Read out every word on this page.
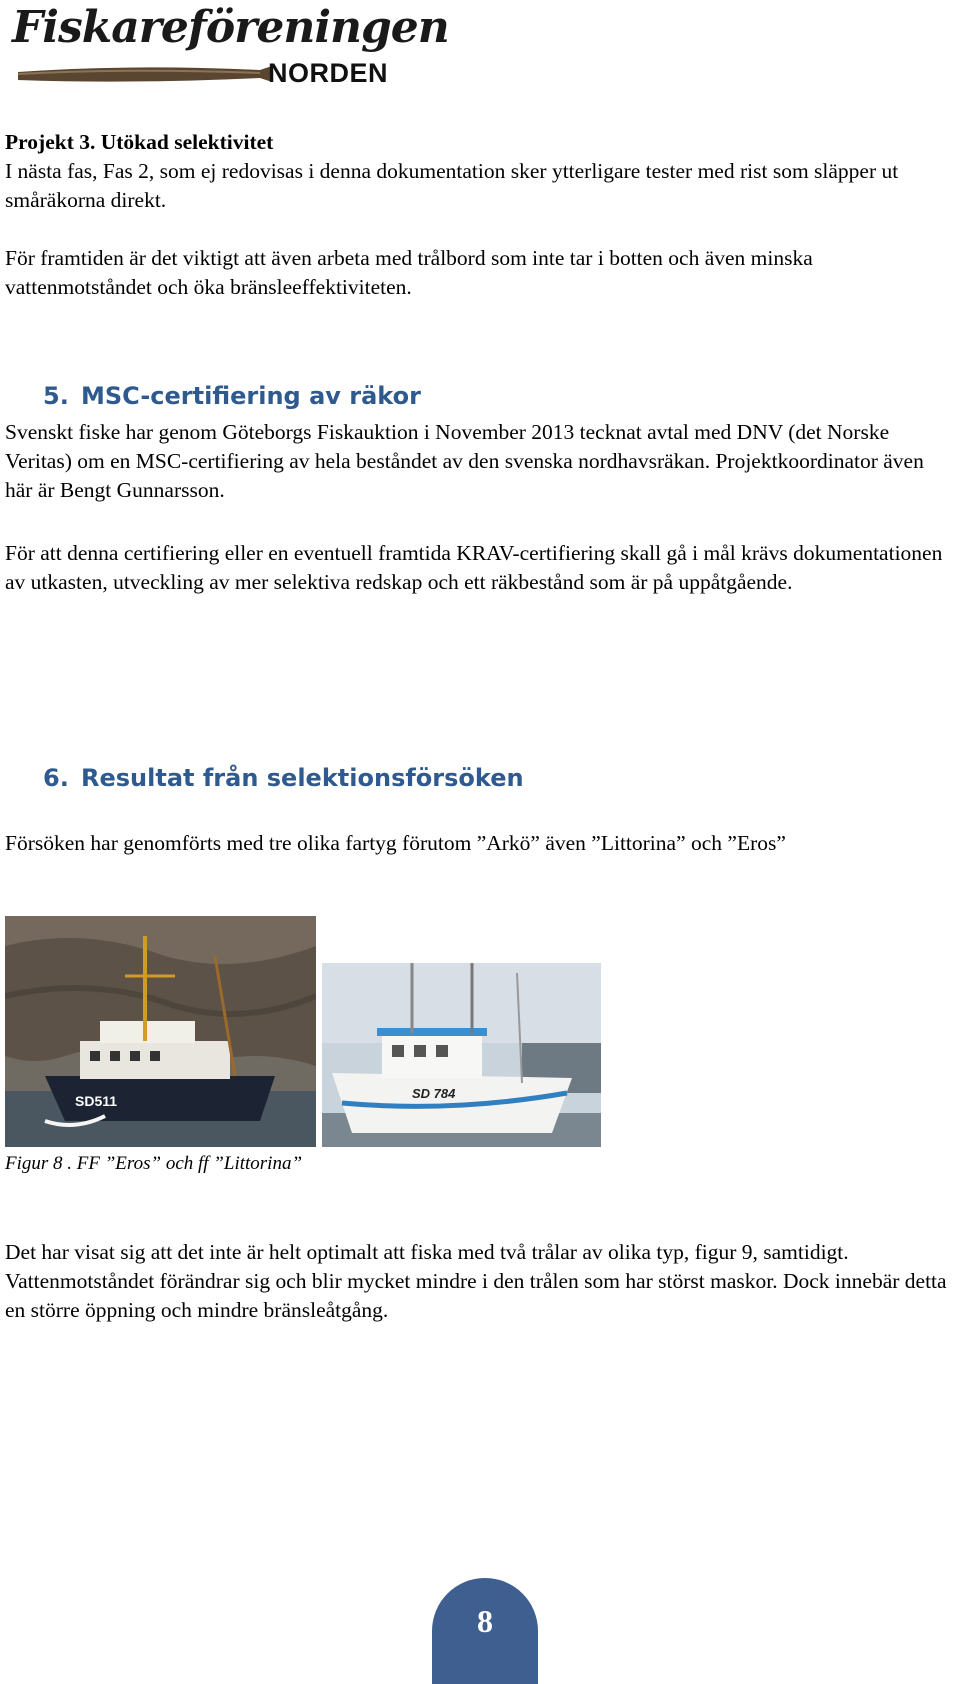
Fiskareföreningen
NORDEN

Projekt 3. Utökad selektivitet

I nästa fas, Fas 2, som ej redovisas i denna dokumentation sker ytterligare tester med rist som släpper ut småräkorna direkt.

För framtiden är det viktigt att även arbeta med trålbord som inte tar i botten och även minska vattenmotståndet och öka bränsleeffektiviteten.

5. MSC-certifiering av räkor

Svenskt fiske har genom Göteborgs Fiskauktion i November 2013 tecknat avtal med DNV (det Norske Veritas) om en MSC-certifiering av hela beståndet av den svenska nordhavsräkan. Projektkoordinator även här är Bengt Gunnarsson.

För att denna certifiering eller en eventuell framtida KRAV-certifiering skall gå i mål krävs dokumentationen av utkasten, utveckling av mer selektiva redskap och ett räkbestånd som är på uppåtgående.

6. Resultat från selektionsförsöken

Försöken har genomförts med tre olika fartyg förutom ”Arkö” även ”Littorina” och ”Eros”

SD511	SD 784
Figur 8 . FF ”Eros” och ff ”Littorina”

Det har visat sig att det inte är helt optimalt att fiska med två trålar av olika typ, figur 9, samtidigt. Vattenmotståndet förändrar sig och blir mycket mindre i den trålen som har störst maskor. Dock innebär detta en större öppning och mindre bränsleåtgång.

8
